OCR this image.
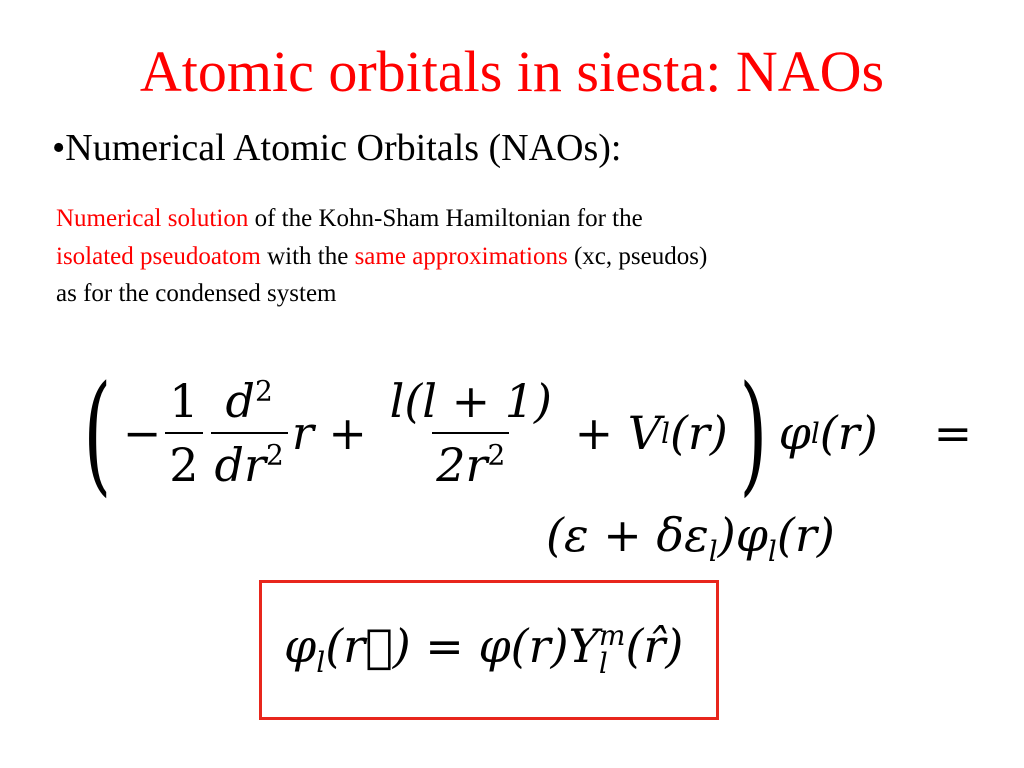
Atomic orbitals in siesta: NAOs
•Numerical Atomic Orbitals (NAOs):
Numerical solution of the Kohn-Sham Hamiltonian for the
isolated pseudoatom with the same approximations (xc, pseudos)
as for the condensed system
( − $\frac{1}{2} \frac{d^2}{dr^2}$ $r + \frac{l(l + 1)}{2r^2} + V$ l (r) ) φ l (r) =
$(\varepsilon + \delta\varepsilon_l)\varphi_l(r)$
$\varphi_l(r⃗) = \varphi(r)Y$ m
l (r̂)
